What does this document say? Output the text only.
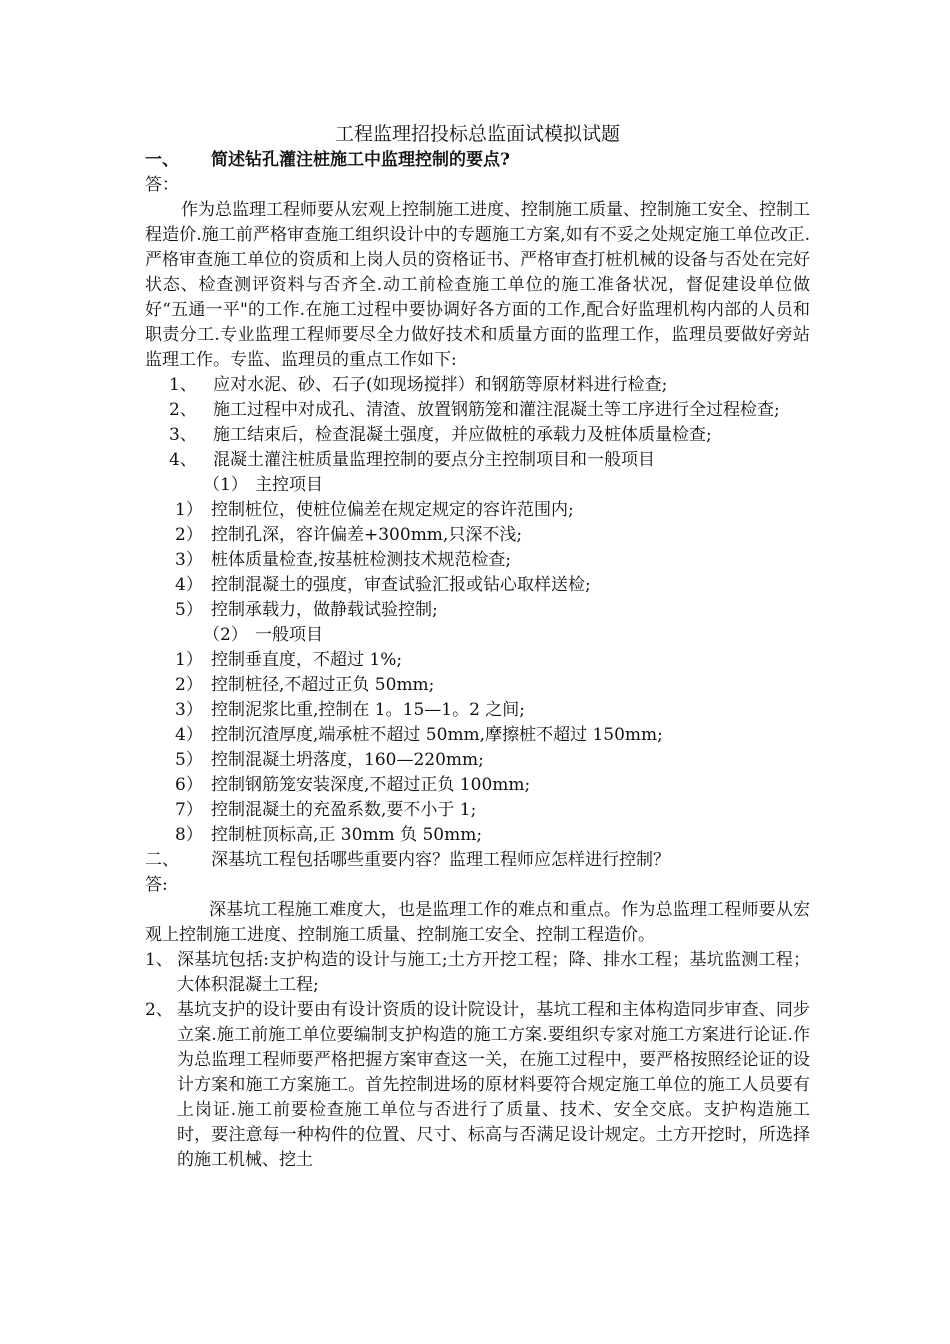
工程监理招投标总监面试模拟试题
一、	简述钻孔灌注桩施工中监理控制的要点?
答：
作为总监理工程师要从宏观上控制施工进度、控制施工质量、控制施工安全、控制工程造价.施工前严格审查施工组织设计中的专题施工方案,如有不妥之处规定施工单位改正.严格审查施工单位的资质和上岗人员的资格证书、严格审查打桩机械的设备与否处在完好状态、检查测评资料与否齐全.动工前检查施工单位的施工准备状况，督促建设单位做好“五通一平"的工作.在施工过程中要协调好各方面的工作,配合好监理机构内部的人员和职责分工.专业监理工程师要尽全力做好技术和质量方面的监理工作，监理员要做好旁站监理工作。专监、监理员的重点工作如下:
1、 应对水泥、砂、石子(如现场搅拌）和钢筋等原材料进行检查;
2、 施工过程中对成孔、清渣、放置钢筋笼和灌注混凝土等工序进行全过程检查;
3、 施工结束后，检查混凝土强度，并应做桩的承载力及桩体质量检查;
4、 混凝土灌注桩质量监理控制的要点分主控制项目和一般项目
（1） 主控项目
1） 控制桩位，使桩位偏差在规定规定的容许范围内;
2） 控制孔深，容许偏差+300mm,只深不浅;
3） 桩体质量检查,按基桩检测技术规范检查;
4） 控制混凝土的强度，审查试验汇报或钻心取样送检;
5） 控制承载力，做静载试验控制;
（2） 一般项目
1） 控制垂直度，不超过 1%;
2） 控制桩径,不超过正负 50mm;
3） 控制泥浆比重,控制在 1。15—1。2 之间;
4） 控制沉渣厚度,端承桩不超过 50mm,摩擦桩不超过 150mm;
5） 控制混凝土坍落度，160—220mm;
6） 控制钢筋笼安装深度,不超过正负 100mm;
7） 控制混凝土的充盈系数,要不小于 1;
8） 控制桩顶标高,正 30mm 负 50mm;
二、	深基坑工程包括哪些重要内容？监理工程师应怎样进行控制？
答:
深基坑工程施工难度大，也是监理工作的难点和重点。作为总监理工程师要从宏观上控制施工进度、控制施工质量、控制施工安全、控制工程造价。
1、 深基坑包括:支护构造的设计与施工;土方开挖工程；降、排水工程；基坑监测工程；大体积混凝土工程;
2、 基坑支护的设计要由有设计资质的设计院设计，基坑工程和主体构造同步审查、同步立案.施工前施工单位要编制支护构造的施工方案.要组织专家对施工方案进行论证.作为总监理工程师要严格把握方案审查这一关，在施工过程中，要严格按照经论证的设计方案和施工方案施工。首先控制进场的原材料要符合规定施工单位的施工人员要有上岗证.施工前要检查施工单位与否进行了质量、技术、安全交底。支护构造施工时，要注意每一种构件的位置、尺寸、标高与否满足设计规定。土方开挖时，所选择的施工机械、挖土
